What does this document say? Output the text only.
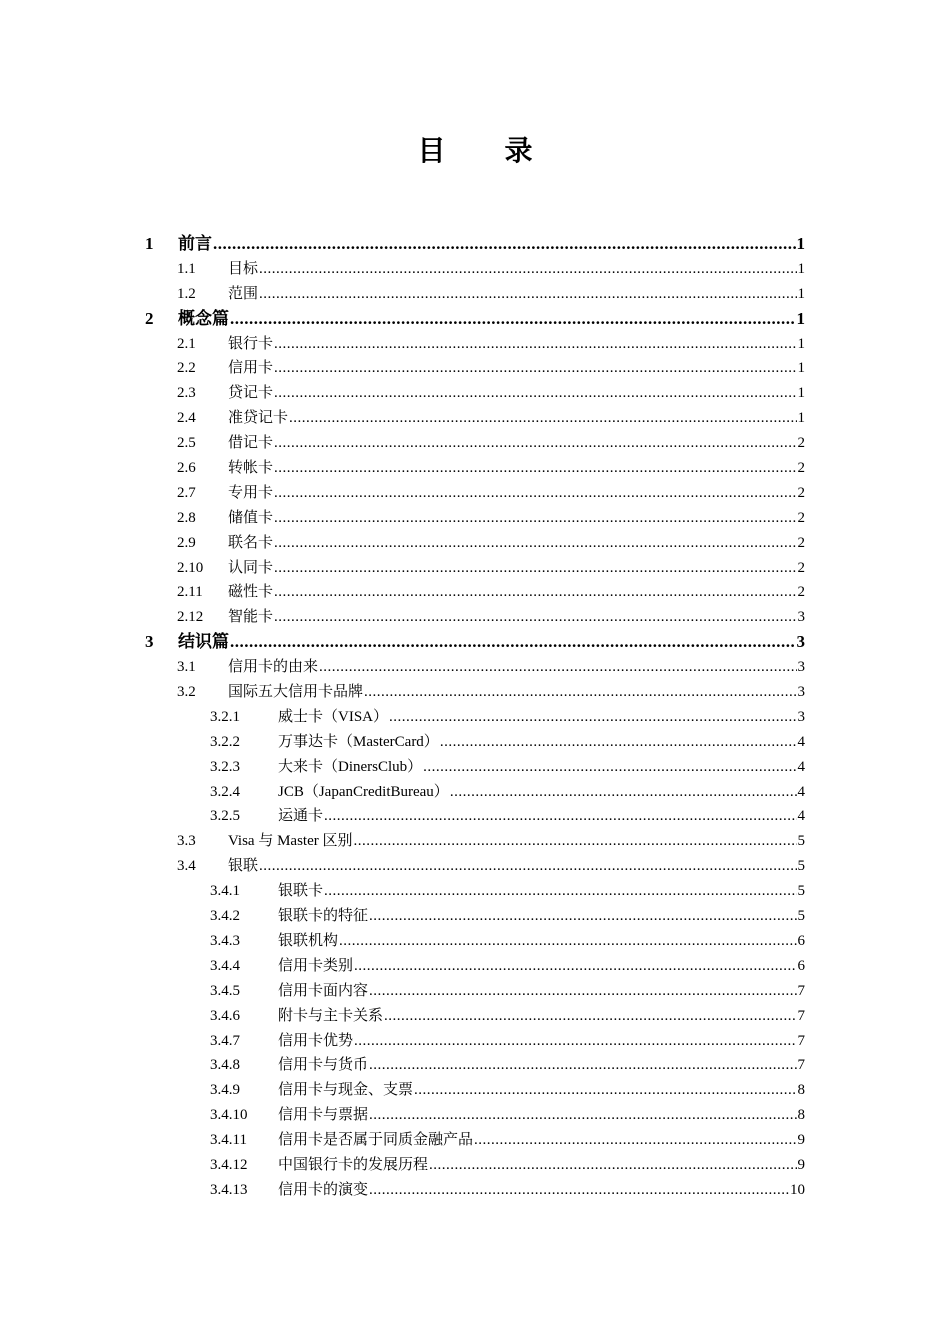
目 录
1 前言 .....	1
1.1 目标 .....	1
1.2 范围 .....	1
2 概念篇 .....	1
2.1 银行卡 .....	1
2.2 信用卡 .....	1
2.3 贷记卡 .....	1
2.4 准贷记卡 .....	1
2.5 借记卡 .....	2
2.6 转帐卡 .....	2
2.7 专用卡 .....	2
2.8 储值卡 .....	2
2.9 联名卡 .....	2
2.10 认同卡 .....	2
2.11 磁性卡 .....	2
2.12 智能卡 .....	3
3 结识篇 .....	3
3.1 信用卡的由来 .....	3
3.2 国际五大信用卡品牌 .....	3
3.2.1	威士卡（VISA） .....	3
3.2.2	万事达卡（MasterCard） .....	4
3.2.3	大来卡（DinersClub） .....	4
3.2.4	JCB（JapanCreditBureau） .....	4
3.2.5	运通卡 .....	4
3.3 Visa 与 Master 区别 .....	5
3.4 银联 .....	5
3.4.1	银联卡 .....	5
3.4.2	银联卡的特征 .....	5
3.4.3	银联机构 .....	6
3.4.4	信用卡类别 .....	6
3.4.5	信用卡面内容 .....	7
3.4.6	附卡与主卡关系 .....	7
3.4.7	信用卡优势 .....	7
3.4.8	信用卡与货币 .....	7
3.4.9	信用卡与现金、支票 .....	8
3.4.10 信用卡与票据 .....	8
3.4.11 信用卡是否属于同质金融产品 .....	9
3.4.12 中国银行卡的发展历程 .....	9
3.4.13 信用卡的演变 .....	10
